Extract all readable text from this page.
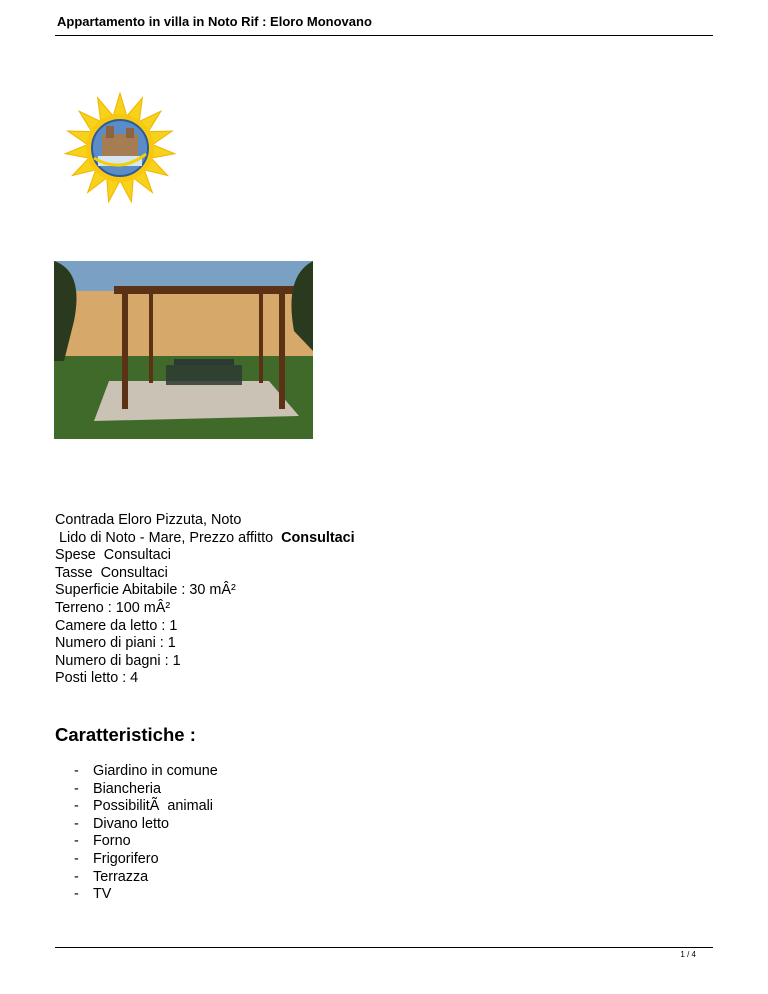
Appartamento in villa in Noto Rif : Eloro Monovano
Contrada Eloro Pizzuta, Noto
Lido di Noto - Mare, Prezzo affitto  Consultaci
Spese  Consultaci
Tasse  Consultaci
Superficie Abitabile : 30 mÂ²
Terreno : 100 mÂ²
Camere da letto : 1
Numero di piani : 1
Numero di bagni : 1
Posti letto : 4
Caratteristiche :
- Giardino in comune
- Biancheria
- PossibilitÃ  animali
- Divano letto
- Forno
- Frigorifero
- Terrazza
- TV
1 / 4
